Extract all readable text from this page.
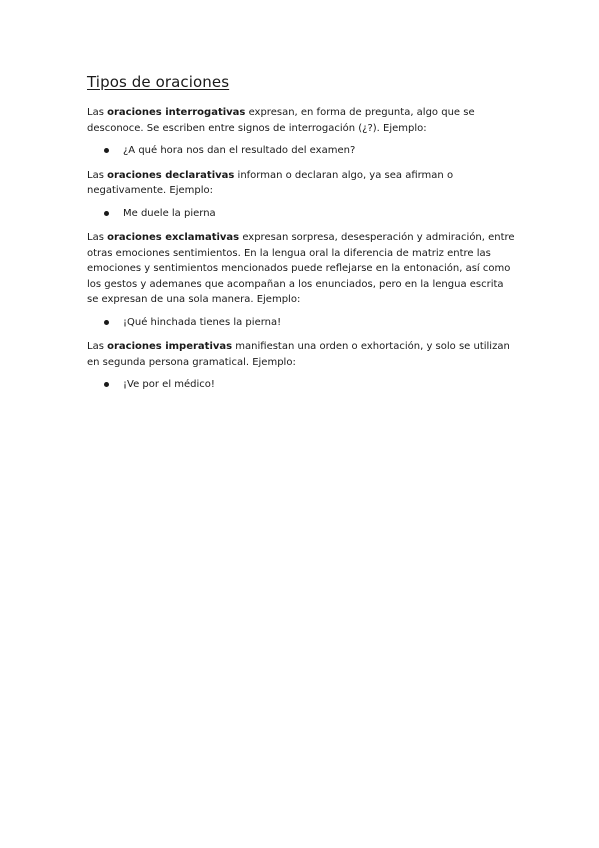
Tipos de oraciones

Las oraciones interrogativas expresan, en forma de pregunta, algo que se desconoce. Se escriben entre signos de interrogación (¿?). Ejemplo:

¿A qué hora nos dan el resultado del examen?

Las oraciones declarativas informan o declaran algo, ya sea afirman o negativamente. Ejemplo:

Me duele la pierna

Las oraciones exclamativas expresan sorpresa, desesperación y admiración, entre otras emociones sentimientos. En la lengua oral la diferencia de matriz entre las emociones y sentimientos mencionados puede reflejarse en la entonación, así como los gestos y ademanes que acompañan a los enunciados, pero en la lengua escrita se expresan de una sola manera. Ejemplo:

¡Qué hinchada tienes la pierna!

Las oraciones imperativas manifiestan una orden o exhortación, y solo se utilizan en segunda persona gramatical. Ejemplo:

¡Ve por el médico!
